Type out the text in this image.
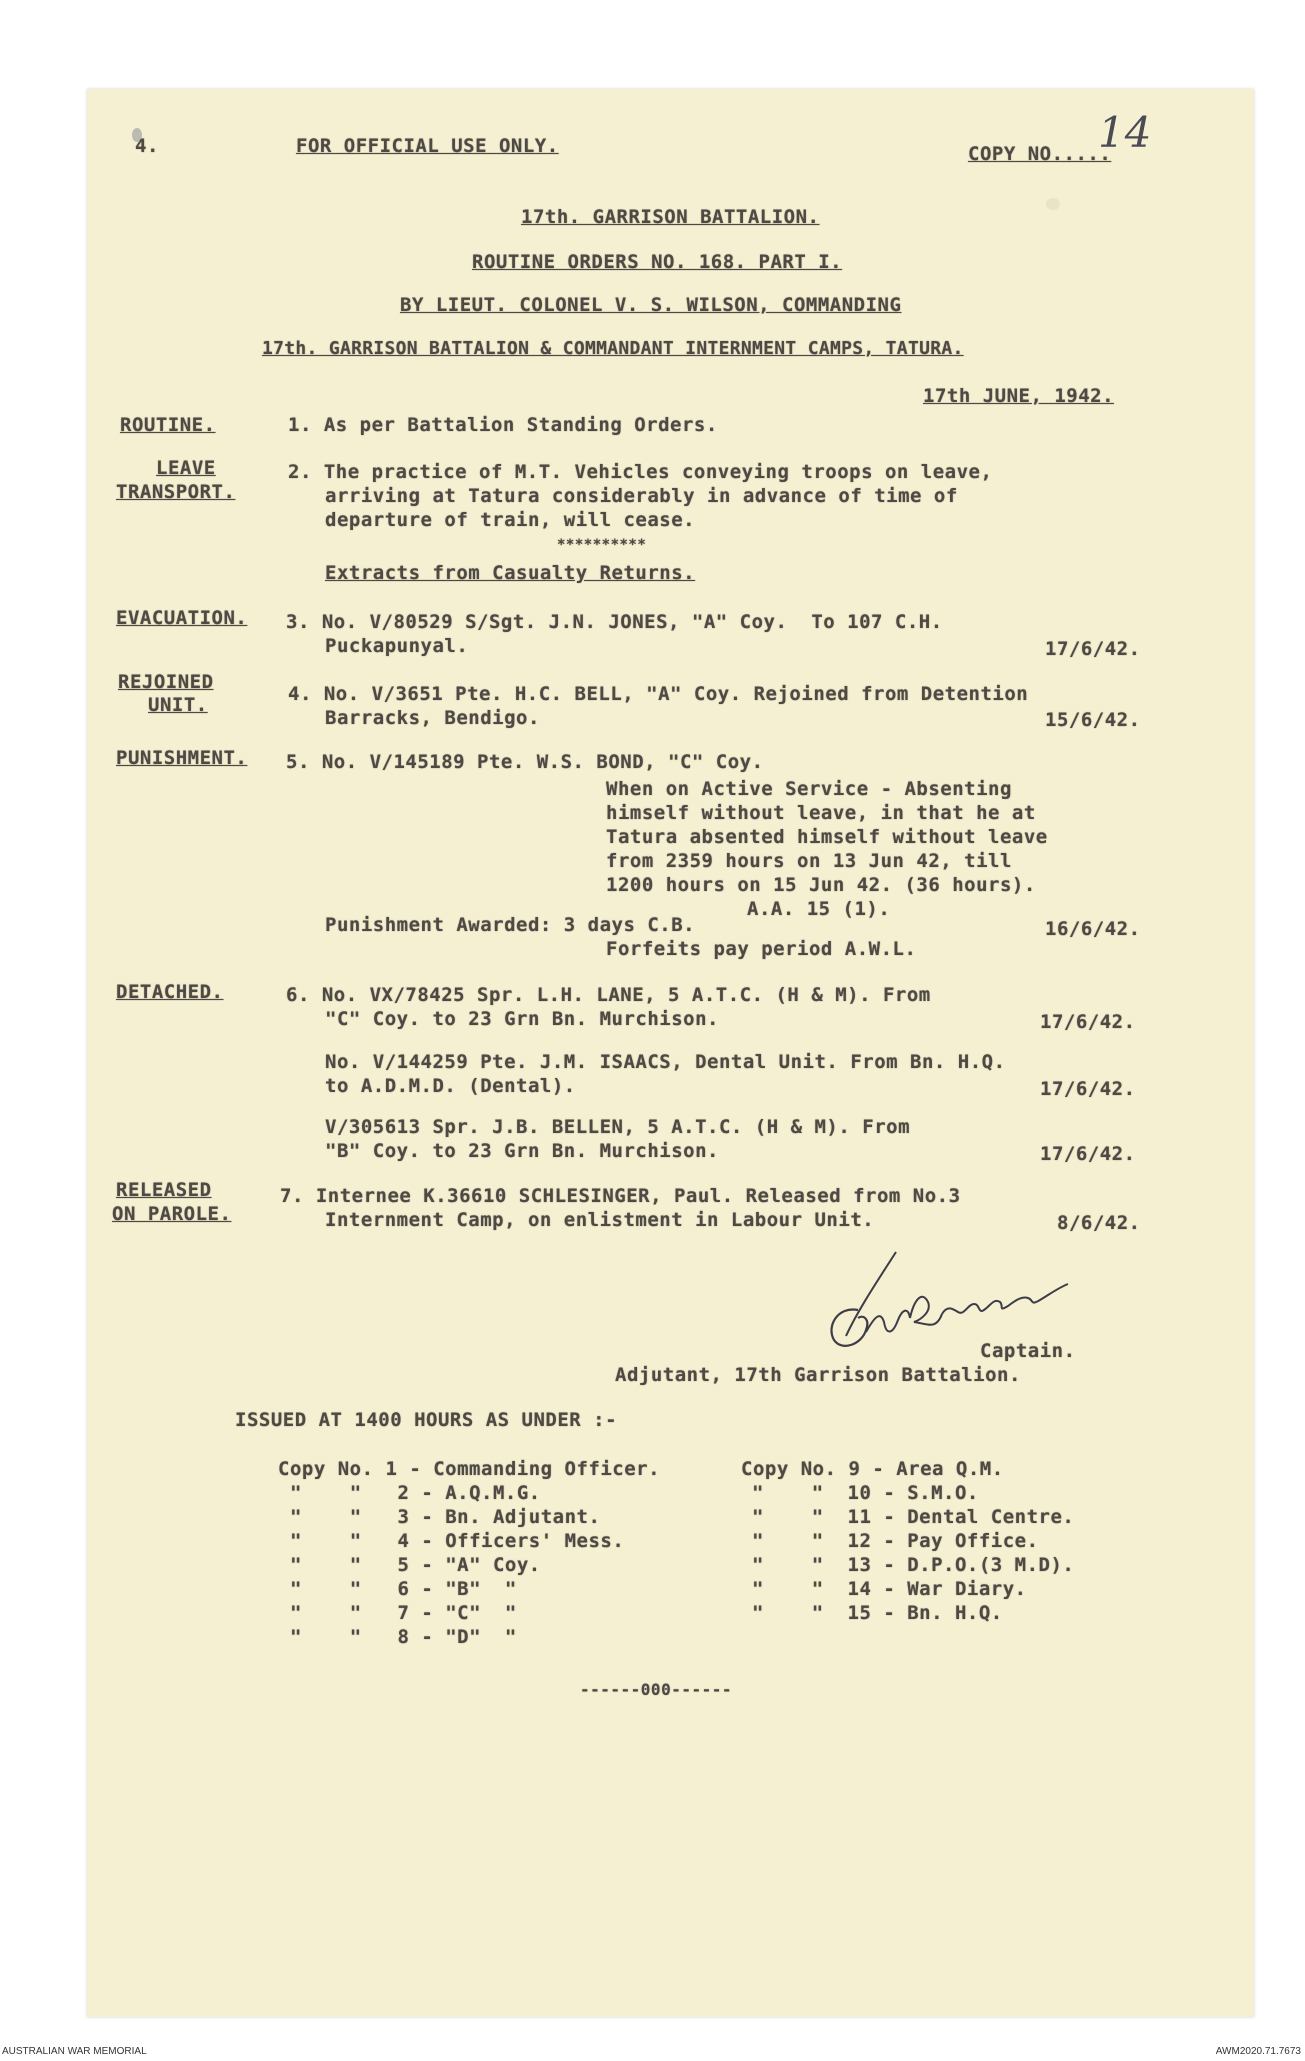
4.	FOR OFFICIAL USE ONLY.	COPY NO.....
14
17th. GARRISON BATTALION.
ROUTINE ORDERS NO. 168. PART I.
BY LIEUT. COLONEL V. S. WILSON, COMMANDING
17th. GARRISON BATTALION & COMMANDANT INTERNMENT CAMPS, TATURA.
17th JUNE, 1942.
ROUTINE.	1. As per Battalion Standing Orders.
LEAVE
TRANSPORT.
2. The practice of M.T. Vehicles conveying troops on leave,
arriving at Tatura considerably in advance of time of
departure of train, will cease.
**********
Extracts from Casualty Returns.
EVACUATION. 3. No. V/80529 S/Sgt. J.N. JONES, "A" Coy.  To 107 C.H.
Puckapunyal.	17/6/42.
REJOINED
UNIT.	4. No. V/3651 Pte. H.C. BELL, "A" Coy. Rejoined from Detention
Barracks, Bendigo.	15/6/42.
PUNISHMENT. 5. No. V/145189 Pte. W.S. BOND, "C" Coy.
When on Active Service - Absenting
himself without leave, in that he at
Tatura absented himself without leave
from 2359 hours on 13 Jun 42, till
1200 hours on 15 Jun 42. (36 hours).
A.A. 15 (1).
Punishment Awarded: 3 days C.B.
Forfeits pay period A.W.L.
16/6/42.
DETACHED.	6. No. VX/78425 Spr. L.H. LANE, 5 A.T.C. (H & M). From
"C" Coy. to 23 Grn Bn. Murchison.	17/6/42.
No. V/144259 Pte. J.M. ISAACS, Dental Unit. From Bn. H.Q.
to A.D.M.D. (Dental).	17/6/42.
V/305613 Spr. J.B. BELLEN, 5 A.T.C. (H & M). From
"B" Coy. to 23 Grn Bn. Murchison.	17/6/42.
RELEASED
ON PAROLE.
7. Internee K.36610 SCHLESINGER, Paul. Released from No.3
Internment Camp, on enlistment in Labour Unit.	8/6/42.
Captain.
Adjutant, 17th Garrison Battalion.
ISSUED AT 1400 HOURS AS UNDER :-
Copy No. 1 - Commanding Officer.
"    "   2 - A.Q.M.G.
"    "   3 - Bn. Adjutant.
"    "   4 - Officers' Mess.
"    "   5 - "A" Coy.
"    "   6 - "B"  "
"    "   7 - "C"  "
"    "   8 - "D"  "
Copy No. 9 - Area Q.M.
"    "  10 - S.M.O.
"    "  11 - Dental Centre.
"    "  12 - Pay Office.
"    "  13 - D.P.O.(3 M.D).
"    "  14 - War Diary.
"    "  15 - Bn. H.Q.
------000------
AUSTRALIAN WAR MEMORIAL	AWM2020.71.7673
